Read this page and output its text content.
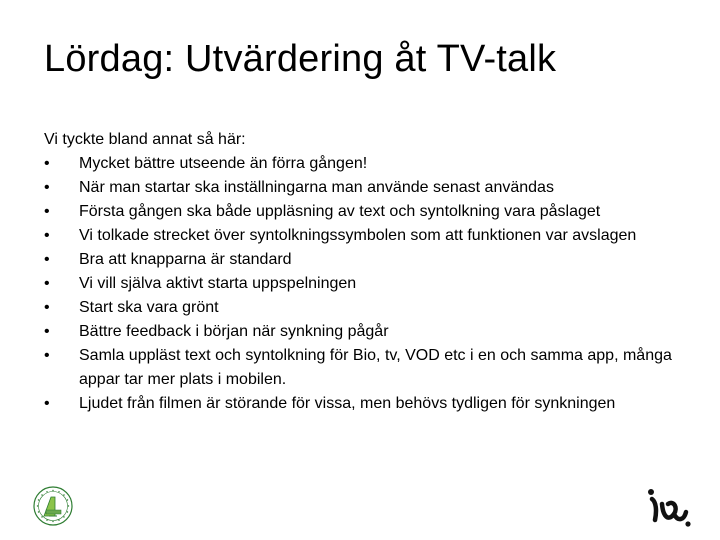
Lördag: Utvärdering åt TV-talk

Vi tyckte bland annat så här:

• Mycket bättre utseende än förra gången!
• När man startar ska inställningarna man använde senast användas
• Första gången ska både uppläsning av text och syntolkning vara påslaget
• Vi tolkade strecket över syntolkningssymbolen som att funktionen var avslagen
• Bra att knapparna är standard
• Vi vill själva aktivt starta uppspelningen
• Start ska vara grönt
• Bättre feedback i början när synkning pågår
• Samla uppläst text och syntolkning för Bio, tv, VOD etc i en och samma app, många appar tar mer plats i mobilen.
• Ljudet från filmen är störande för vissa, men behövs tydligen för synkningen
